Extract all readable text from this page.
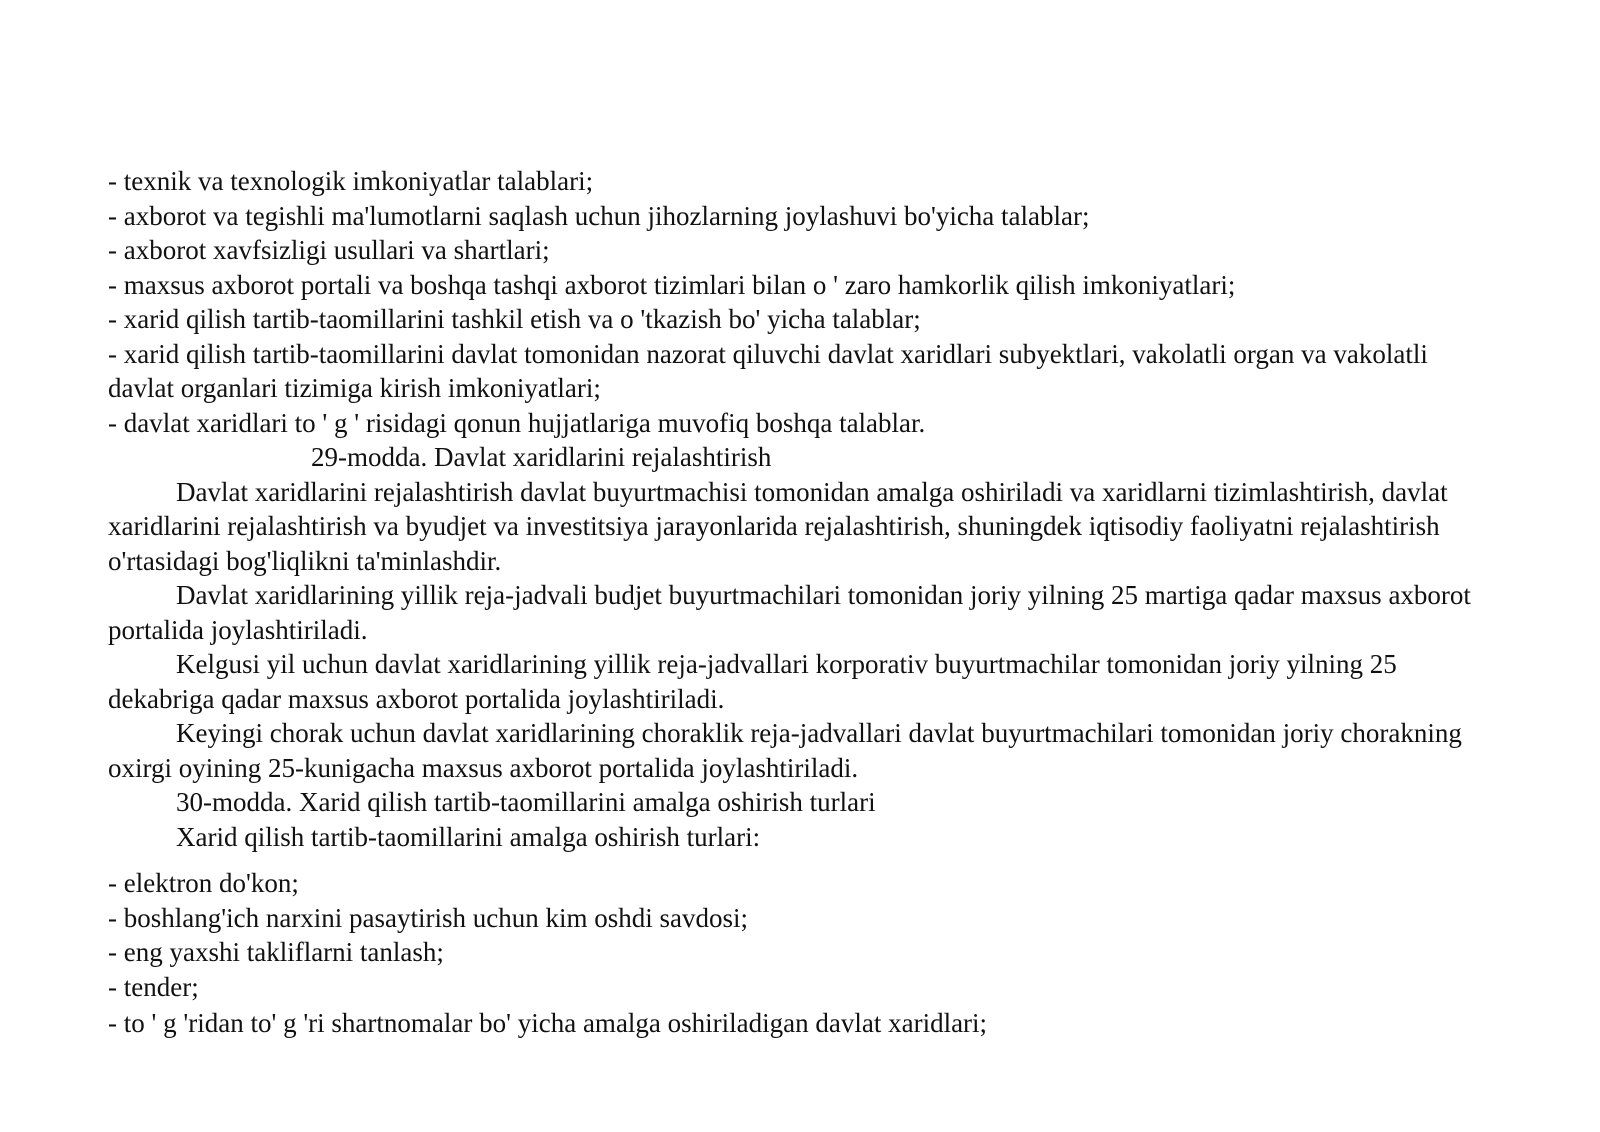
- texnik va texnologik imkoniyatlar talablari;

- axborot va tegishli ma'lumotlarni saqlash uchun jihozlarning joylashuvi bo'yicha talablar;

- axborot xavfsizligi usullari va shartlari;

- maxsus axborot portali va boshqa tashqi axborot tizimlari bilan o ' zaro hamkorlik qilish imkoniyatlari;

- xarid qilish tartib-taomillarini tashkil etish va o 'tkazish bo' yicha talablar;

- xarid qilish tartib-taomillarini davlat tomonidan nazorat qiluvchi davlat xaridlari subyektlari, vakolatli organ va vakolatli davlat organlari tizimiga kirish imkoniyatlari;

- davlat xaridlari to ' g ' risidagi qonun hujjatlariga muvofiq boshqa talablar.

29-modda. Davlat xaridlarini rejalashtirish

Davlat xaridlarini rejalashtirish davlat buyurtmachisi tomonidan amalga oshiriladi va xaridlarni tizimlashtirish, davlat xaridlarini rejalashtirish va byudjet va investitsiya jarayonlarida rejalashtirish, shuningdek iqtisodiy faoliyatni rejalashtirish o'rtasidagi bog'liqlikni ta'minlashdir.

Davlat xaridlarining yillik reja-jadvali budjet buyurtmachilari tomonidan joriy yilning 25 martiga qadar maxsus axborot portalida joylashtiriladi.

Kelgusi yil uchun davlat xaridlarining yillik reja-jadvallari korporativ buyurtmachilar tomonidan joriy yilning 25 dekabriga qadar maxsus axborot portalida joylashtiriladi.

Keyingi chorak uchun davlat xaridlarining choraklik reja-jadvallari davlat buyurtmachilari tomonidan joriy chorakning oxirgi oyining 25-kunigacha maxsus axborot portalida joylashtiriladi.

30-modda. Xarid qilish tartib-taomillarini amalga oshirish turlari

Xarid qilish tartib-taomillarini amalga oshirish turlari:

- elektron do'kon;

- boshlang'ich narxini pasaytirish uchun kim oshdi savdosi;

- eng yaxshi takliflarni tanlash;

- tender;

- to ' g 'ridan to' g 'ri shartnomalar bo' yicha amalga oshiriladigan davlat xaridlari;
